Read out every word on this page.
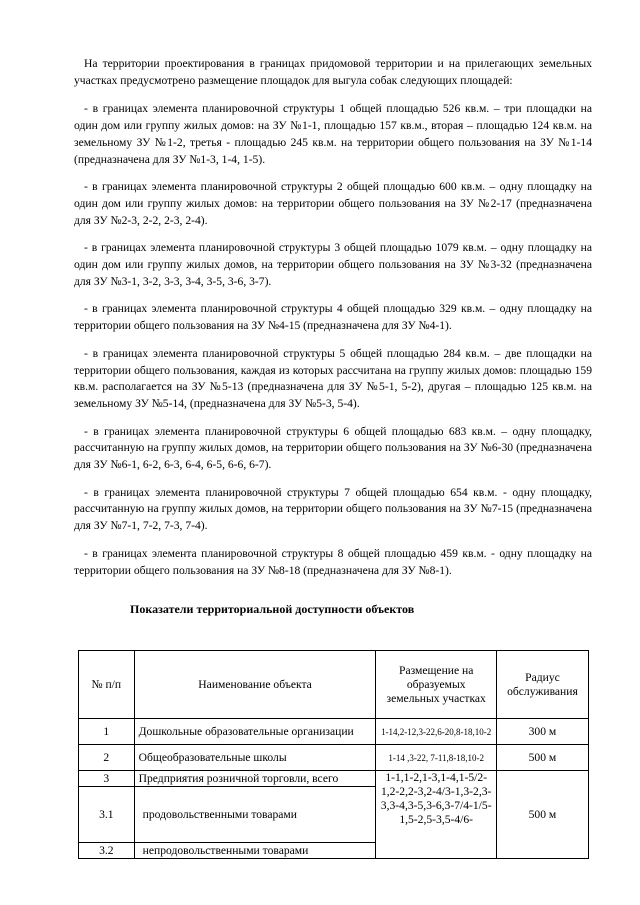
На территории проектирования в границах придомовой территории и на прилегающих земельных участках предусмотрено размещение площадок для выгула собак следующих площадей:

- в границах элемента планировочной структуры 1 общей площадью 526 кв.м. – три площадки на один дом или группу жилых домов: на ЗУ №1-1, площадью 157 кв.м., вторая – площадью 124 кв.м. на земельному ЗУ №1-2, третья - площадью 245 кв.м. на территории общего пользования на ЗУ №1-14 (предназначена для ЗУ №1-3, 1-4, 1-5).

- в границах элемента планировочной структуры 2 общей площадью 600 кв.м. – одну площадку на один дом или группу жилых домов: на территории общего пользования на ЗУ №2-17 (предназначена для ЗУ №2-3, 2-2, 2-3, 2-4).

- в границах элемента планировочной структуры 3 общей площадью 1079 кв.м. – одну площадку на один дом или группу жилых домов, на территории общего пользования на ЗУ №3-32 (предназначена для ЗУ №3-1, 3-2, 3-3, 3-4, 3-5, 3-6, 3-7).

- в границах элемента планировочной структуры 4 общей площадью 329 кв.м. – одну площадку на территории общего пользования на ЗУ №4-15 (предназначена для ЗУ №4-1).

- в границах элемента планировочной структуры 5 общей площадью 284 кв.м. – две площадки на территории общего пользования, каждая из которых рассчитана на группу жилых домов: площадью 159 кв.м. располагается на ЗУ №5-13 (предназначена для ЗУ №5-1, 5-2), другая – площадью 125 кв.м. на земельному ЗУ №5-14, (предназначена для ЗУ №5-3, 5-4).

- в границах элемента планировочной структуры 6 общей площадью 683 кв.м. – одну площадку, рассчитанную на группу жилых домов, на территории общего пользования на ЗУ №6-30 (предназначена для ЗУ №6-1, 6-2, 6-3, 6-4, 6-5, 6-6, 6-7).

- в границах элемента планировочной структуры 7 общей площадью 654 кв.м. - одну площадку, рассчитанную на группу жилых домов, на территории общего пользования на ЗУ №7-15 (предназначена для ЗУ №7-1, 7-2, 7-3, 7-4).

- в границах элемента планировочной структуры 8 общей площадью 459 кв.м. - одну площадку на территории общего пользования на ЗУ №8-18 (предназначена для ЗУ №8-1).

Показатели территориальной доступности объектов
№ п/п	Наименование объекта	Размещение на образуемых земельных участках	Радиус обслуживания
1	Дошкольные образовательные организации	1-14,2-12,3-22,6-20,8-18,10-2	300 м
2	Общеобразовательные школы	1-14 ,3-22, 7-11,8-18,10-2	500 м
3	Предприятия розничной торговли, всего	1-1,1-2,1-3,1-4,1-5/2-1,2-2,2-3,2-4/3-1,3-2,3-3,3-4,3-5,3-6,3-7/4-1/5-1,5-2,5-3,5-4/6-	500 м
3.1	продовольственными товарами		
3.2	непродовольственными товарами		
